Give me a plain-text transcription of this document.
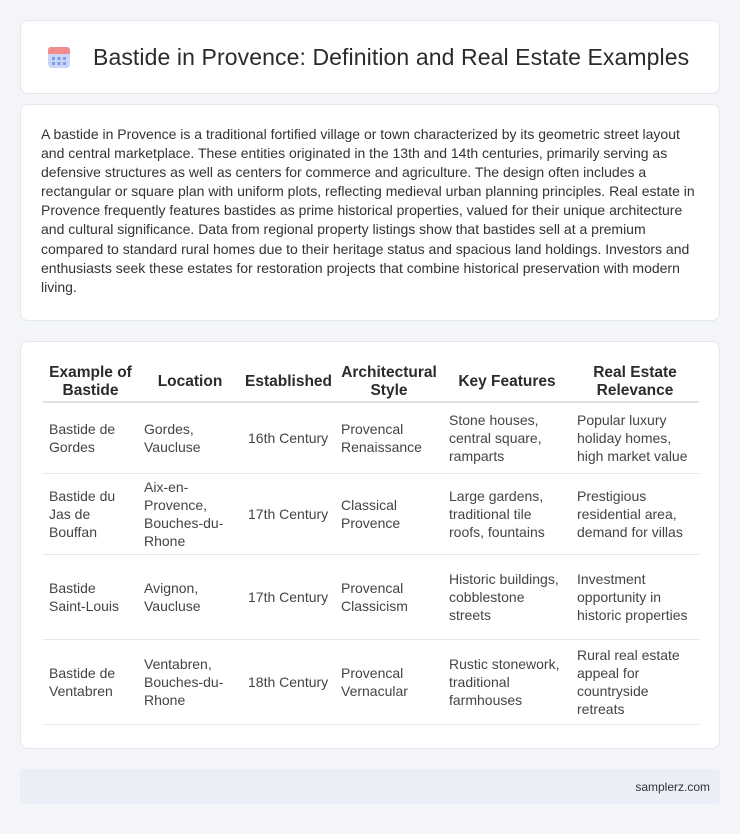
Bastide in Provence: Definition and Real Estate Examples

A bastide in Provence is a traditional fortified village or town characterized by its geometric street layout and central marketplace. These entities originated in the 13th and 14th centuries, primarily serving as defensive structures as well as centers for commerce and agriculture. The design often includes a rectangular or square plan with uniform plots, reflecting medieval urban planning principles. Real estate in Provence frequently features bastides as prime historical properties, valued for their unique architecture and cultural significance. Data from regional property listings show that bastides sell at a premium compared to standard rural homes due to their heritage status and spacious land holdings. Investors and enthusiasts seek these estates for restoration projects that combine historical preservation with modern living.

Example of Bastide	Location	Established	Architectural Style	Key Features	Real Estate Relevance
Bastide de Gordes	Gordes, Vaucluse	16th Century	Provencal Renaissance	Stone houses, central square, ramparts	Popular luxury holiday homes, high market value
Bastide du Jas de Bouffan	Aix-en-Provence, Bouches-du-Rhone	17th Century	Classical Provence	Large gardens, traditional tile roofs, fountains	Prestigious residential area, demand for villas
Bastide Saint-Louis	Avignon, Vaucluse	17th Century	Provencal Classicism	Historic buildings, cobblestone streets	Investment opportunity in historic properties
Bastide de Ventabren	Ventabren, Bouches-du-Rhone	18th Century	Provencal Vernacular	Rustic stonework, traditional farmhouses	Rural real estate appeal for countryside retreats
samplerz.com
